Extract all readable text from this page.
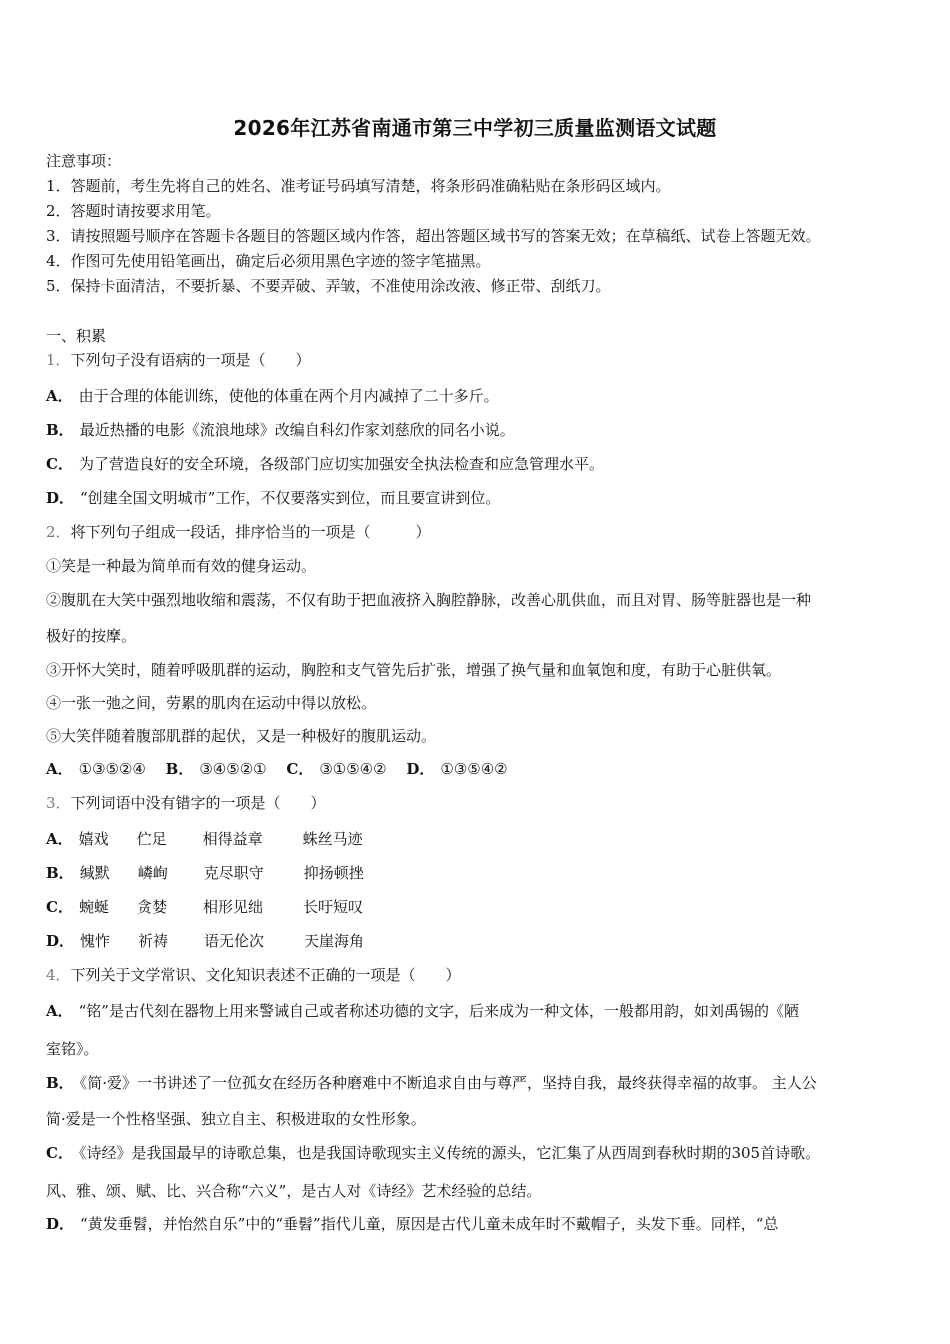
2026年江苏省南通市第三中学初三质量监测语文试题
注意事项：
1．答题前，考生先将自己的姓名、准考证号码填写清楚，将条形码准确粘贴在条形码区域内。
2．答题时请按要求用笔。
3．请按照题号顺序在答题卡各题目的答题区域内作答，超出答题区域书写的答案无效；在草稿纸、试卷上答题无效。
4．作图可先使用铅笔画出，确定后必须用黑色字迹的签字笔描黑。
5．保持卡面清洁，不要折暴、不要弄破、弄皱，不准使用涂改液、修正带、刮纸刀。
一、积累
1．下列句子没有语病的一项是（　　）
A． 由于合理的体能训练，使他的体重在两个月内减掉了二十多斤。
B． 最近热播的电影《流浪地球》改编自科幻作家刘慈欣的同名小说。
C． 为了营造良好的安全环境，各级部门应切实加强安全执法检查和应急管理水平。
D． “创建全国文明城市”工作，不仅要落实到位，而且要宣讲到位。
2．将下列句子组成一段话，排序恰当的一项是（　　　）
①笑是一种最为简单而有效的健身运动。
②腹肌在大笑中强烈地收缩和震荡，不仅有助于把血液挤入胸腔静脉，改善心肌供血，而且对胃、肠等脏器也是一种
极好的按摩。
③开怀大笑时，随着呼吸肌群的运动，胸腔和支气管先后扩张，增强了换气量和血氧饱和度，有助于心脏供氧。
④一张一弛之间，劳累的肌肉在运动中得以放松。
⑤大笑伴随着腹部肌群的起伏，又是一种极好的腹肌运动。
A． ①③⑤②④  B． ③④⑤②①  C． ③①⑤④②  D． ①③⑤④②
3．下列词语中没有错字的一项是（　　）
A． 嬉戏 伫足 相得益章	蛛丝马迹
B． 缄默 嶙峋 克尽职守	抑扬顿挫
C． 蜿蜒 贪婪 相形见绌	长吁短叹
D． 愧怍 祈祷 语无伦次	天崖海角
4．下列关于文学常识、文化知识表述不正确的一项是（　　）
A． “铭”是古代刻在器物上用来警诫自己或者称述功德的文字，后来成为一种文体，一般都用韵，如刘禹锡的《陋
室铭》。
B． 《简·爱》一书讲述了一位孤女在经历各种磨难中不断追求自由与尊严，坚持自我，最终获得幸福的故事。 主人公
简·爱是一个性格坚强、独立自主、积极进取的女性形象。
C． 《诗经》是我国最早的诗歌总集，也是我国诗歌现实主义传统的源头，它汇集了从西周到春秋时期的305首诗歌。
风、雅、颂、赋、比、兴合称“六义”，是古人对《诗经》艺术经验的总结。
D． “黄发垂髫，并怡然自乐”中的“垂髫”指代儿童，原因是古代儿童未成年时不戴帽子，头发下垂。同样，“总
